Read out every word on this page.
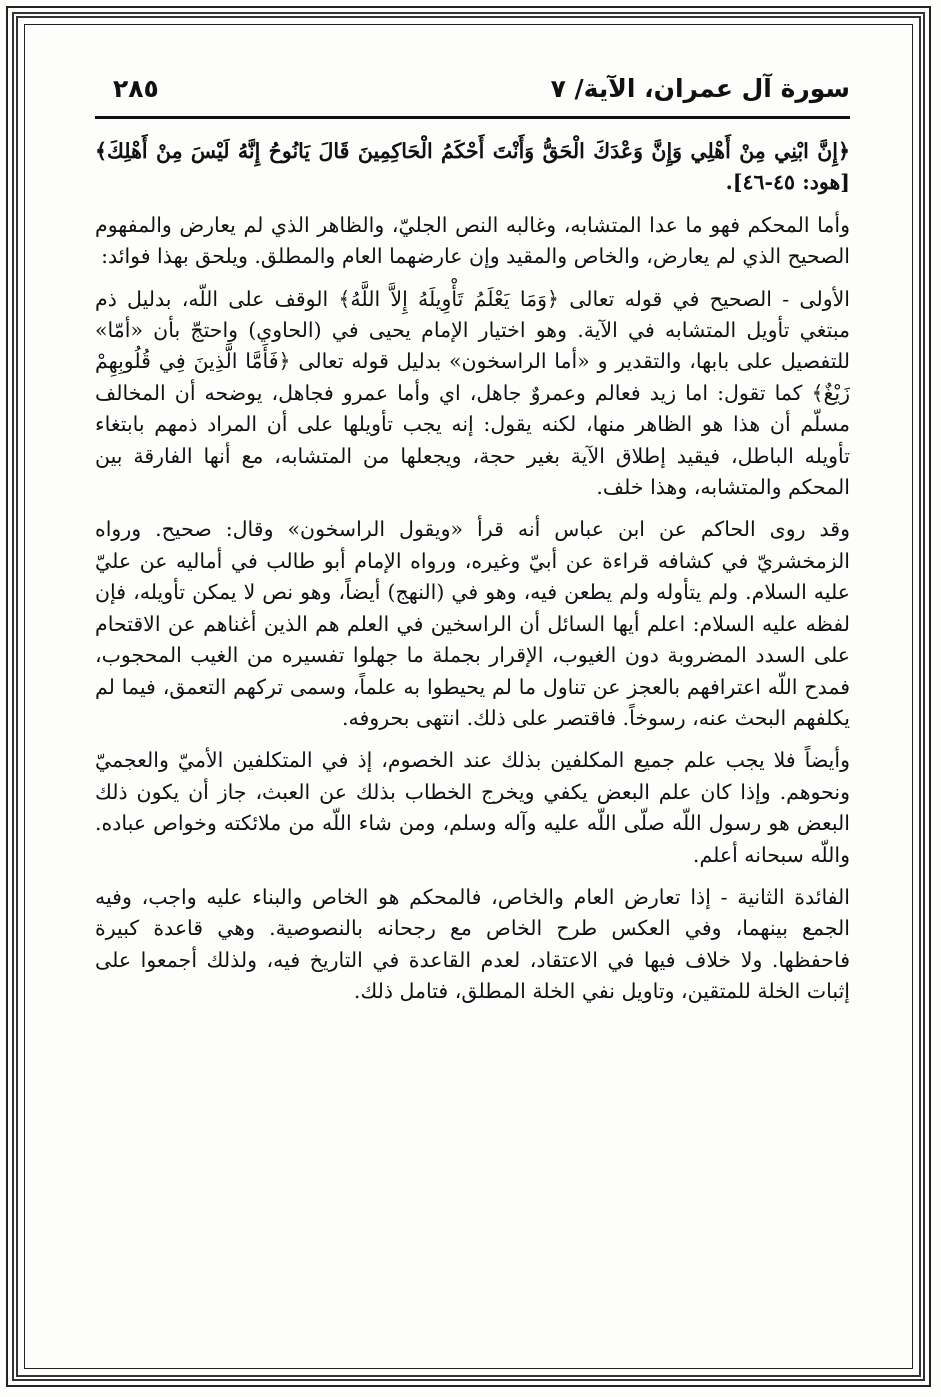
سورة آل عمران، الآية/ ٧
٢٨٥

﴿إِنَّ ابْنِي مِنْ أَهْلِي وَإِنَّ وَعْدَكَ الْحَقُّ وَأَنْتَ أَحْكَمُ الْحَاكِمِينَ قَالَ يَانُوحُ إِنَّهُ لَيْسَ مِنْ أَهْلِكَ﴾ [هود: ٤٥-٤٦].

وأما المحكم فهو ما عدا المتشابه، وغالبه النص الجليّ، والظاهر الذي لم يعارض والمفهوم الصحيح الذي لم يعارض، والخاص والمقيد وإن عارضهما العام والمطلق. ويلحق بهذا فوائد:

الأولى - الصحيح في قوله تعالى ﴿وَمَا يَعْلَمُ تَأْوِيلَهُ إِلاَّ اللَّهُ﴾ الوقف على اللّه، بدليل ذم مبتغي تأويل المتشابه في الآية. وهو اختيار الإمام يحيى في (الحاوي) واحتجّ بأن «أمّا» للتفصيل على بابها، والتقدير و «أما الراسخون» بدليل قوله تعالى ﴿فَأَمَّا الَّذِينَ فِي قُلُوبِهِمْ زَيْغٌ﴾ كما تقول: اما زيد فعالم وعمروٌ جاهل، اي وأما عمرو فجاهل، يوضحه أن المخالف مسلّم أن هذا هو الظاهر منها، لكنه يقول: إنه يجب تأويلها على أن المراد ذمهم بابتغاء تأويله الباطل، فيقيد إطلاق الآية بغير حجة، ويجعلها من المتشابه، مع أنها الفارقة بين المحكم والمتشابه، وهذا خلف.

وقد روى الحاكم عن ابن عباس أنه قرأ «ويقول الراسخون» وقال: صحيح. ورواه الزمخشريّ في كشافه قراءة عن أبيّ وغيره، ورواه الإمام أبو طالب في أماليه عن عليّ عليه السلام. ولم يتأوله ولم يطعن فيه، وهو في (النهج) أيضاً، وهو نص لا يمكن تأويله، فإن لفظه عليه السلام: اعلم أيها السائل أن الراسخين في العلم هم الذين أغناهم عن الاقتحام على السدد المضروبة دون الغيوب، الإقرار بجملة ما جهلوا تفسيره من الغيب المحجوب، فمدح اللّه اعترافهم بالعجز عن تناول ما لم يحيطوا به علماً، وسمى تركهم التعمق، فيما لم يكلفهم البحث عنه، رسوخاً. فاقتصر على ذلك. انتهى بحروفه.

وأيضاً فلا يجب علم جميع المكلفين بذلك عند الخصوم، إذ في المتكلفين الأميّ والعجميّ ونحوهم. وإذا كان علم البعض يكفي ويخرج الخطاب بذلك عن العبث، جاز أن يكون ذلك البعض هو رسول اللّه صلّى اللّه عليه وآله وسلم، ومن شاء اللّه من ملائكته وخواص عباده. واللّه سبحانه أعلم.

الفائدة الثانية - إذا تعارض العام والخاص، فالمحكم هو الخاص والبناء عليه واجب، وفيه الجمع بينهما، وفي العكس طرح الخاص مع رجحانه بالنصوصية. وهي قاعدة كبيرة فاحفظها. ولا خلاف فيها في الاعتقاد، لعدم القاعدة في التاريخ فيه، ولذلك أجمعوا على إثبات الخلة للمتقين، وتاويل نفي الخلة المطلق، فتامل ذلك.
